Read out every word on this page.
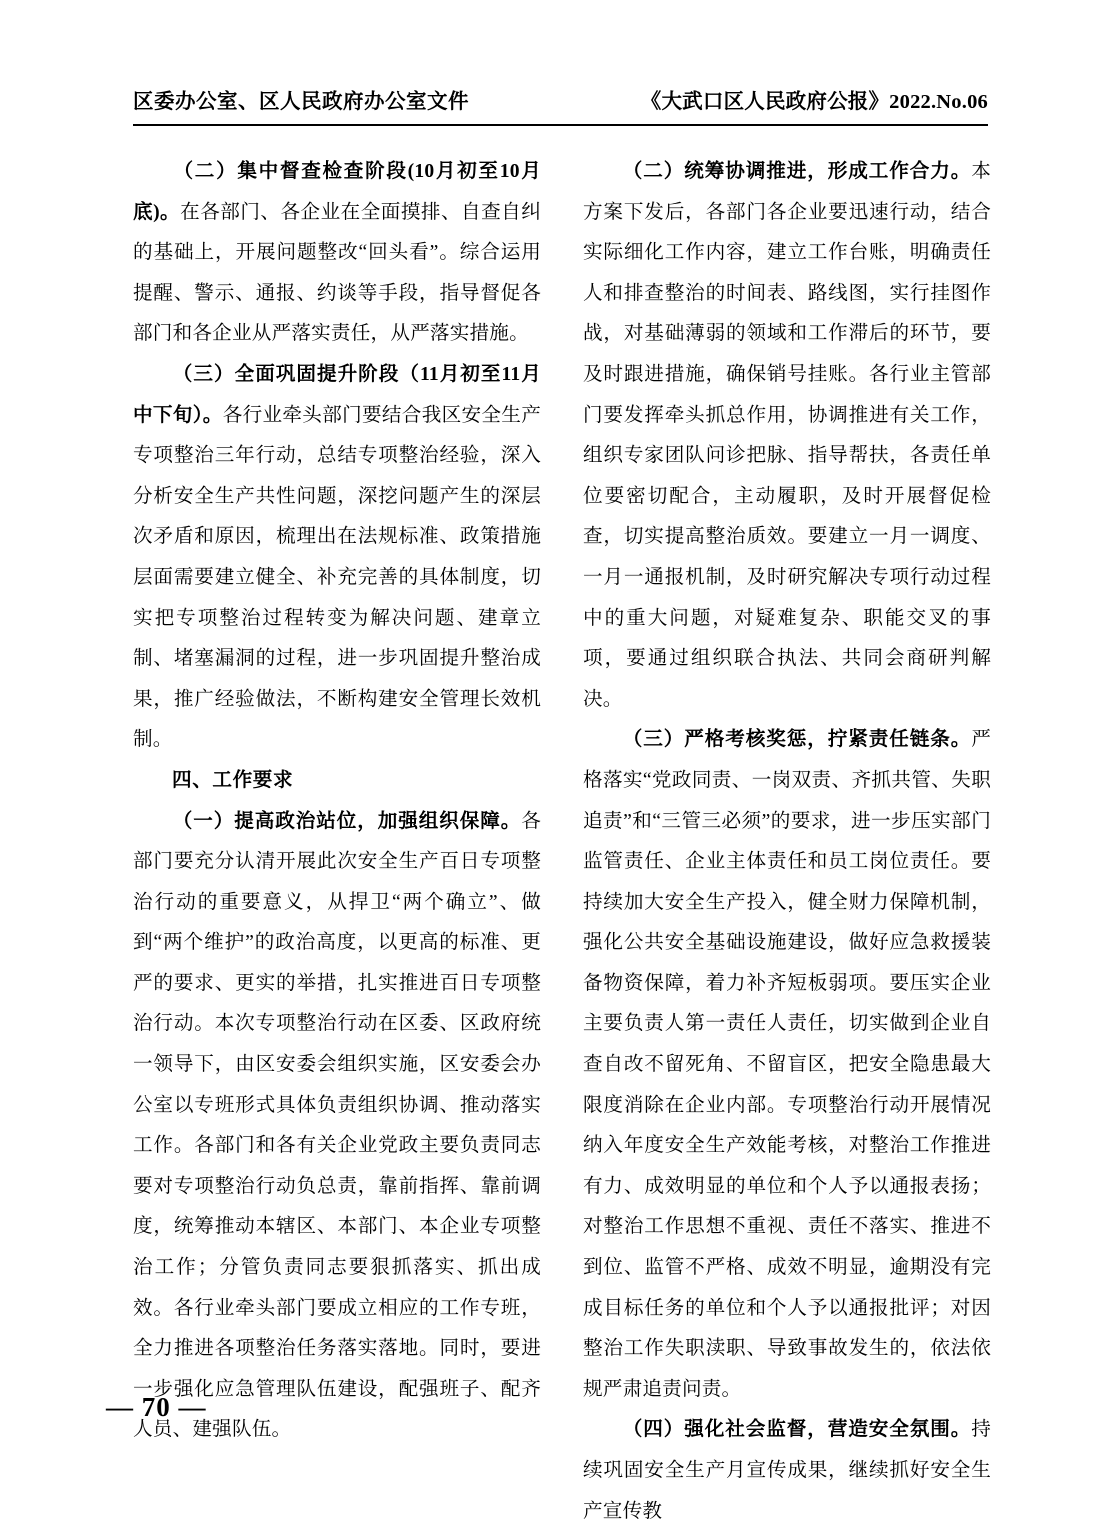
区委办公室、区人民政府办公室文件	《大武口区人民政府公报》2022.No.06

（二）集中督查检查阶段(10月初至10月底)。在各部门、各企业在全面摸排、自查自纠的基础上，开展问题整改“回头看”。综合运用提醒、警示、通报、约谈等手段，指导督促各部门和各企业从严落实责任，从严落实措施。

（三）全面巩固提升阶段（11月初至11月中下旬）。各行业牵头部门要结合我区安全生产专项整治三年行动，总结专项整治经验，深入分析安全生产共性问题，深挖问题产生的深层次矛盾和原因，梳理出在法规标准、政策措施层面需要建立健全、补充完善的具体制度，切实把专项整治过程转变为解决问题、建章立制、堵塞漏洞的过程，进一步巩固提升整治成果，推广经验做法，不断构建安全管理长效机制。

四、工作要求

（一）提高政治站位，加强组织保障。各部门要充分认清开展此次安全生产百日专项整治行动的重要意义，从捍卫“两个确立”、做到“两个维护”的政治高度，以更高的标准、更严的要求、更实的举措，扎实推进百日专项整治行动。本次专项整治行动在区委、区政府统一领导下，由区安委会组织实施，区安委会办公室以专班形式具体负责组织协调、推动落实工作。各部门和各有关企业党政主要负责同志要对专项整治行动负总责，靠前指挥、靠前调度，统筹推动本辖区、本部门、本企业专项整治工作；分管负责同志要狠抓落实、抓出成效。各行业牵头部门要成立相应的工作专班，全力推进各项整治任务落实落地。同时，要进一步强化应急管理队伍建设，配强班子、配齐人员、建强队伍。

（二）统筹协调推进，形成工作合力。本方案下发后，各部门各企业要迅速行动，结合实际细化工作内容，建立工作台账，明确责任人和排查整治的时间表、路线图，实行挂图作战，对基础薄弱的领域和工作滞后的环节，要及时跟进措施，确保销号挂账。各行业主管部门要发挥牵头抓总作用，协调推进有关工作，组织专家团队问诊把脉、指导帮扶，各责任单位要密切配合，主动履职，及时开展督促检查，切实提高整治质效。要建立一月一调度、一月一通报机制，及时研究解决专项行动过程中的重大问题，对疑难复杂、职能交叉的事项，要通过组织联合执法、共同会商研判解决。

（三）严格考核奖惩，拧紧责任链条。严格落实“党政同责、一岗双责、齐抓共管、失职追责”和“三管三必须”的要求，进一步压实部门监管责任、企业主体责任和员工岗位责任。要持续加大安全生产投入，健全财力保障机制，强化公共安全基础设施建设，做好应急救援装备物资保障，着力补齐短板弱项。要压实企业主要负责人第一责任人责任，切实做到企业自查自改不留死角、不留盲区，把安全隐患最大限度消除在企业内部。专项整治行动开展情况纳入年度安全生产效能考核，对整治工作推进有力、成效明显的单位和个人予以通报表扬；对整治工作思想不重视、责任不落实、推进不到位、监管不严格、成效不明显，逾期没有完成目标任务的单位和个人予以通报批评；对因整治工作失职渎职、导致事故发生的，依法依规严肃追责问责。

（四）强化社会监督，营造安全氛围。持续巩固安全生产月宣传成果，继续抓好安全生产宣传教

— 70 —
